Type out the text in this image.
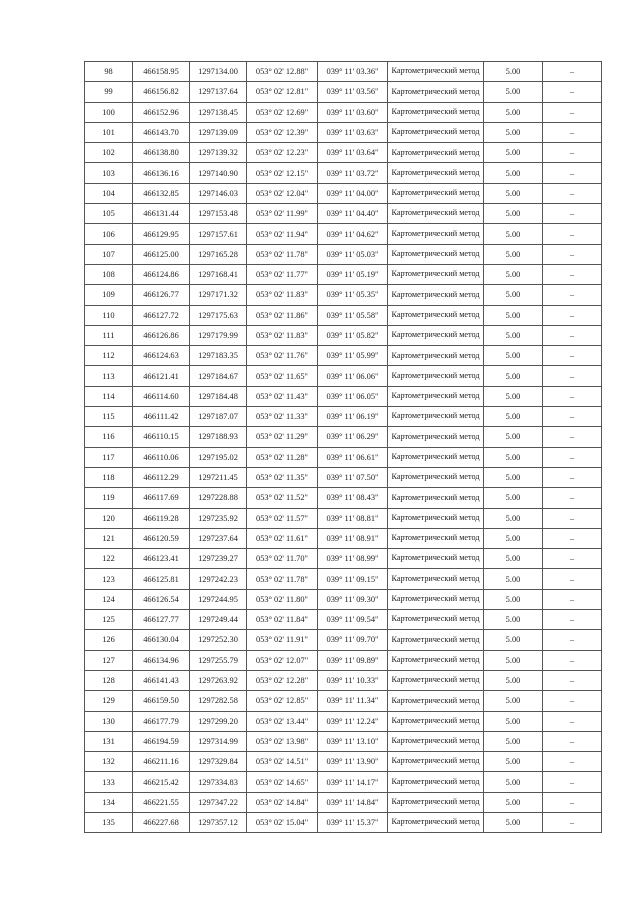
98	466158.95	1297134.00	053° 02' 12.88"	039° 11' 03.36"	Картометрический метод	5.00	–
99	466156.82	1297137.64	053° 02' 12.81"	039° 11' 03.56"	Картометрический метод	5.00	–
100	466152.96	1297138.45	053° 02' 12.69"	039° 11' 03.60"	Картометрический метод	5.00	–
101	466143.70	1297139.09	053° 02' 12.39"	039° 11' 03.63"	Картометрический метод	5.00	–
102	466138.80	1297139.32	053° 02' 12.23"	039° 11' 03.64"	Картометрический метод	5.00	–
103	466136.16	1297140.90	053° 02' 12.15"	039° 11' 03.72"	Картометрический метод	5.00	–
104	466132.85	1297146.03	053° 02' 12.04"	039° 11' 04.00"	Картометрический метод	5.00	–
105	466131.44	1297153.48	053° 02' 11.99"	039° 11' 04.40"	Картометрический метод	5.00	–
106	466129.95	1297157.61	053° 02' 11.94"	039° 11' 04.62"	Картометрический метод	5.00	–
107	466125.00	1297165.28	053° 02' 11.78"	039° 11' 05.03"	Картометрический метод	5.00	–
108	466124.86	1297168.41	053° 02' 11.77"	039° 11' 05.19"	Картометрический метод	5.00	–
109	466126.77	1297171.32	053° 02' 11.83"	039° 11' 05.35"	Картометрический метод	5.00	–
110	466127.72	1297175.63	053° 02' 11.86"	039° 11' 05.58"	Картометрический метод	5.00	–
111	466126.86	1297179.99	053° 02' 11.83"	039° 11' 05.82"	Картометрический метод	5.00	–
112	466124.63	1297183.35	053° 02' 11.76"	039° 11' 05.99"	Картометрический метод	5.00	–
113	466121.41	1297184.67	053° 02' 11.65"	039° 11' 06.06"	Картометрический метод	5.00	–
114	466114.60	1297184.48	053° 02' 11.43"	039° 11' 06.05"	Картометрический метод	5.00	–
115	466111.42	1297187.07	053° 02' 11.33"	039° 11' 06.19"	Картометрический метод	5.00	–
116	466110.15	1297188.93	053° 02' 11.29"	039° 11' 06.29"	Картометрический метод	5.00	–
117	466110.06	1297195.02	053° 02' 11.28"	039° 11' 06.61"	Картометрический метод	5.00	–
118	466112.29	1297211.45	053° 02' 11.35"	039° 11' 07.50"	Картометрический метод	5.00	–
119	466117.69	1297228.88	053° 02' 11.52"	039° 11' 08.43"	Картометрический метод	5.00	–
120	466119.28	1297235.92	053° 02' 11.57"	039° 11' 08.81"	Картометрический метод	5.00	–
121	466120.59	1297237.64	053° 02' 11.61"	039° 11' 08.91"	Картометрический метод	5.00	–
122	466123.41	1297239.27	053° 02' 11.70"	039° 11' 08.99"	Картометрический метод	5.00	–
123	466125.81	1297242.23	053° 02' 11.78"	039° 11' 09.15"	Картометрический метод	5.00	–
124	466126.54	1297244.95	053° 02' 11.80"	039° 11' 09.30"	Картометрический метод	5.00	–
125	466127.77	1297249.44	053° 02' 11.84"	039° 11' 09.54"	Картометрический метод	5.00	–
126	466130.04	1297252.30	053° 02' 11.91"	039° 11' 09.70"	Картометрический метод	5.00	–
127	466134.96	1297255.79	053° 02' 12.07"	039° 11' 09.89"	Картометрический метод	5.00	–
128	466141.43	1297263.92	053° 02' 12.28"	039° 11' 10.33"	Картометрический метод	5.00	–
129	466159.50	1297282.58	053° 02' 12.85"	039° 11' 11.34"	Картометрический метод	5.00	–
130	466177.79	1297299.20	053° 02' 13.44"	039° 11' 12.24"	Картометрический метод	5.00	–
131	466194.59	1297314.99	053° 02' 13.98"	039° 11' 13.10"	Картометрический метод	5.00	–
132	466211.16	1297329.84	053° 02' 14.51"	039° 11' 13.90"	Картометрический метод	5.00	–
133	466215.42	1297334.83	053° 02' 14.65"	039° 11' 14.17"	Картометрический метод	5.00	–
134	466221.55	1297347.22	053° 02' 14.84"	039° 11' 14.84"	Картометрический метод	5.00	–
135	466227.68	1297357.12	053° 02' 15.04"	039° 11' 15.37"	Картометрический метод	5.00	–
